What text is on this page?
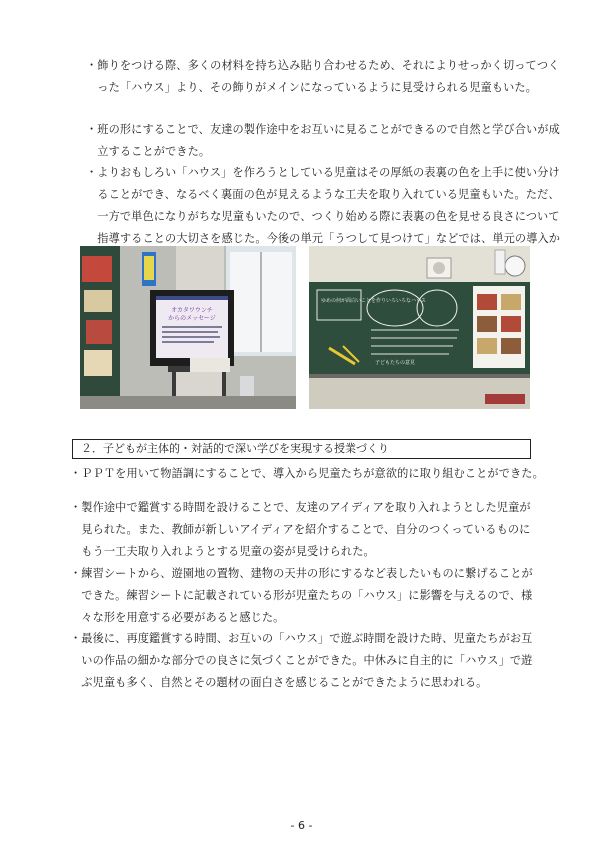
・飾りをつける際、多くの材料を持ち込み貼り合わせるため、それによりせっかく切ってつく
　った「ハウス」より、その飾りがメインになっているように見受けられる児童もいた。
・班の形にすることで、友達の製作途中をお互いに見ることができるので自然と学び合いが成
　立することができた。
・よりおもしろい「ハウス」を作ろうとしている児童はその厚紙の表裏の色を上手に使い分け
　ることができ、なるべく裏面の色が見えるような工夫を取り入れている児童もいた。ただ、
　一方で単色になりがちな児童もいたので、つくり始める際に表裏の色を見せる良さについて
　指導することの大切さを感じた。今後の単元「うつして見つけて」などでは、単元の導入か
オカタワウンチ
からのメッセージ
ゆめの何が面白いことを作りいろいろなハウス
子どもたちの意見
２．子どもが主体的・対話的で深い学びを実現する授業づくり
・ＰＰＴを用いて物語調にすることで、導入から児童たちが意欲的に取り組むことができた。
・製作途中で鑑賞する時間を設けることで、友達のアイディアを取り入れようとした児童が
　見られた。また、教師が新しいアイディアを紹介することで、自分のつくっているものに
　もう一工夫取り入れようとする児童の姿が見受けられた。
・練習シートから、遊園地の置物、建物の天井の形にするなど表したいものに繋げることが
　できた。練習シートに記載されている形が児童たちの「ハウス」に影響を与えるので、様
　々な形を用意する必要があると感じた。
・最後に、再度鑑賞する時間、お互いの「ハウス」で遊ぶ時間を設けた時、児童たちがお互
　いの作品の細かな部分での良さに気づくことができた。中休みに自主的に「ハウス」で遊
　ぶ児童も多く、自然とその題材の面白さを感じることができたように思われる。
- 6 -
